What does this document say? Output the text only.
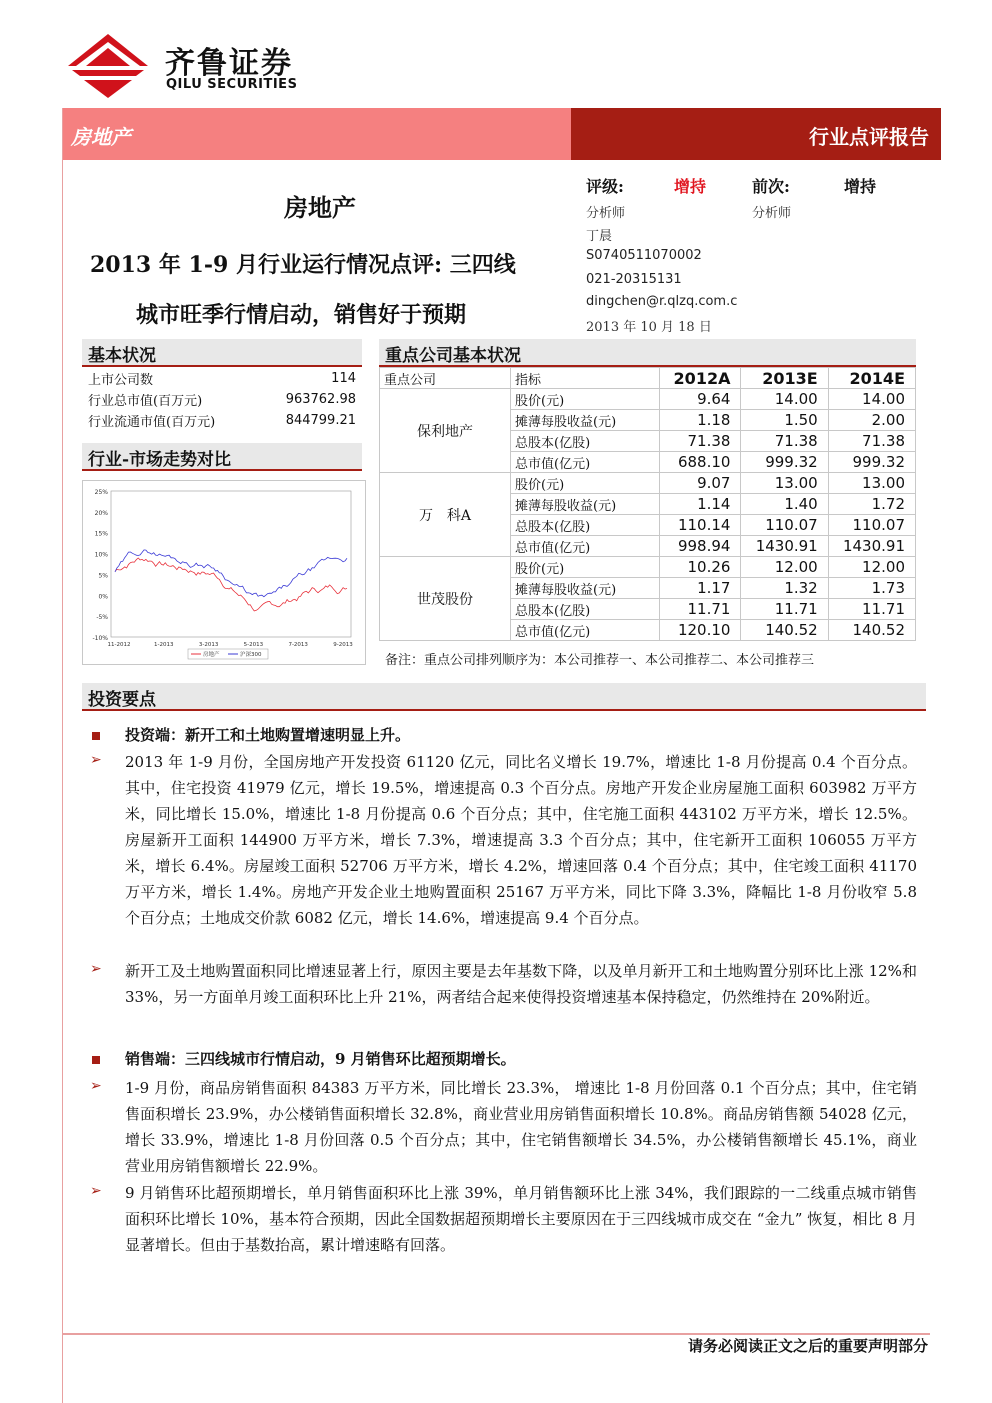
齐鲁证券
QILU SECURITIES
房地产	行业点评报告
房地产
2013 年 1-9 月行业运行情况点评: 三四线
城市旺季行情启动，销售好于预期
评级:	增持	前次:	增持
分析师	分析师
丁晨
S0740511070002
021-20315131
dingchen@r.qlzq.com.c
2013 年 10 月 18 日
基本状况
上市公司数	114
行业总市值(百万元)	963762.98
行业流通市值(百万元)	844799.21
行业-市场走势对比
25%
20%
15%
10%
5%
0%
-5%
-10%
11-2012	1-2013	3-2013	5-2013	7-2013	9-2013
房地产	沪深300
重点公司基本状况
重点公司	指标	2012A	2013E	2014E
保利地产	股价(元)	9.64	14.00	14.00
	摊薄每股收益(元)	1.18	1.50	2.00
	总股本(亿股)	71.38	71.38	71.38
	总市值(亿元)	688.10	999.32	999.32
万　科A	股价(元)	9.07	13.00	13.00
	摊薄每股收益(元)	1.14	1.40	1.72
	总股本(亿股)	110.14	110.07	110.07
	总市值(亿元)	998.94	1430.91	1430.91
世茂股份	股价(元)	10.26	12.00	12.00
	摊薄每股收益(元)	1.17	1.32	1.73
	总股本(亿股)	11.71	11.71	11.71
	总市值(亿元)	120.10	140.52	140.52
备注：重点公司排列顺序为：本公司推荐一、本公司推荐二、本公司推荐三
投资要点
投资端：新开工和土地购置增速明显上升。
➢ 2013 年 1-9 月份，全国房地产开发投资 61120 亿元，同比名义增长 19.7%，增速比 1-8 月份提高 0.4 个百分点。其中，住宅投资 41979 亿元，增长 19.5%，增速提高 0.3 个百分点。房地产开发企业房屋施工面积 603982 万平方米，同比增长 15.0%，增速比 1-8 月份提高 0.6 个百分点；其中，住宅施工面积 443102 万平方米，增长 12.5%。房屋新开工面积 144900 万平方米，增长 7.3%，增速提高 3.3 个百分点；其中，住宅新开工面积 106055 万平方米，增长 6.4%。房屋竣工面积 52706 万平方米，增长 4.2%，增速回落 0.4 个百分点；其中，住宅竣工面积 41170 万平方米，增长 1.4%。房地产开发企业土地购置面积 25167 万平方米，同比下降 3.3%，降幅比 1-8 月份收窄 5.8 个百分点；土地成交价款 6082 亿元，增长 14.6%，增速提高 9.4 个百分点。
➢ 新开工及土地购置面积同比增速显著上行，原因主要是去年基数下降，以及单月新开工和土地购置分别环比上涨 12%和 33%，另一方面单月竣工面积环比上升 21%，两者结合起来使得投资增速基本保持稳定，仍然维持在 20%附近。
销售端：三四线城市行情启动，9 月销售环比超预期增长。
➢ 1-9 月份，商品房销售面积 84383 万平方米，同比增长 23.3%， 增速比 1-8 月份回落 0.1 个百分点；其中，住宅销售面积增长 23.9%，办公楼销售面积增长 32.8%，商业营业用房销售面积增长 10.8%。商品房销售额 54028 亿元，增长 33.9%，增速比 1-8 月份回落 0.5 个百分点；其中，住宅销售额增长 34.5%，办公楼销售额增长 45.1%，商业营业用房销售额增长 22.9%。
➢ 9 月销售环比超预期增长，单月销售面积环比上涨 39%，单月销售额环比上涨 34%，我们跟踪的一二线重点城市销售面积环比增长 10%，基本符合预期，因此全国数据超预期增长主要原因在于三四线城市成交在 “金九” 恢复，相比 8 月显著增长。但由于基数抬高，累计增速略有回落。
请务必阅读正文之后的重要声明部分
